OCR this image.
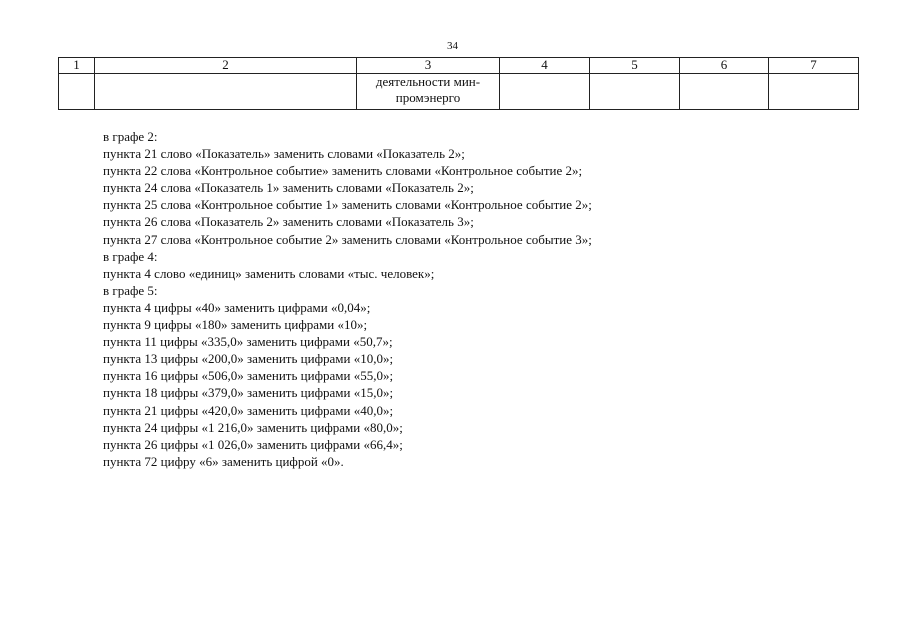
34
1	2	3	4	5	6	7
		деятельности мин-
промэнерго				
в графе 2:
пункта 21 слово «Показатель» заменить словами «Показатель 2»;
пункта 22 слова «Контрольное событие» заменить словами «Контрольное событие 2»;
пункта 24 слова «Показатель 1» заменить словами «Показатель 2»;
пункта 25 слова «Контрольное событие 1» заменить словами «Контрольное событие 2»;
пункта 26 слова «Показатель 2» заменить словами «Показатель 3»;
пункта 27 слова «Контрольное событие 2» заменить словами «Контрольное событие 3»;
в графе 4:
пункта 4 слово «единиц» заменить словами «тыс. человек»;
в графе 5:
пункта 4 цифры «40» заменить цифрами «0,04»;
пункта 9 цифры «180» заменить цифрами «10»;
пункта 11 цифры «335,0» заменить цифрами «50,7»;
пункта 13 цифры «200,0» заменить цифрами «10,0»;
пункта 16 цифры «506,0» заменить цифрами «55,0»;
пункта 18 цифры «379,0» заменить цифрами «15,0»;
пункта 21 цифры «420,0» заменить цифрами «40,0»;
пункта 24 цифры «1 216,0» заменить цифрами «80,0»;
пункта 26 цифры «1 026,0» заменить цифрами «66,4»;
пункта 72 цифру «6» заменить цифрой «0».
